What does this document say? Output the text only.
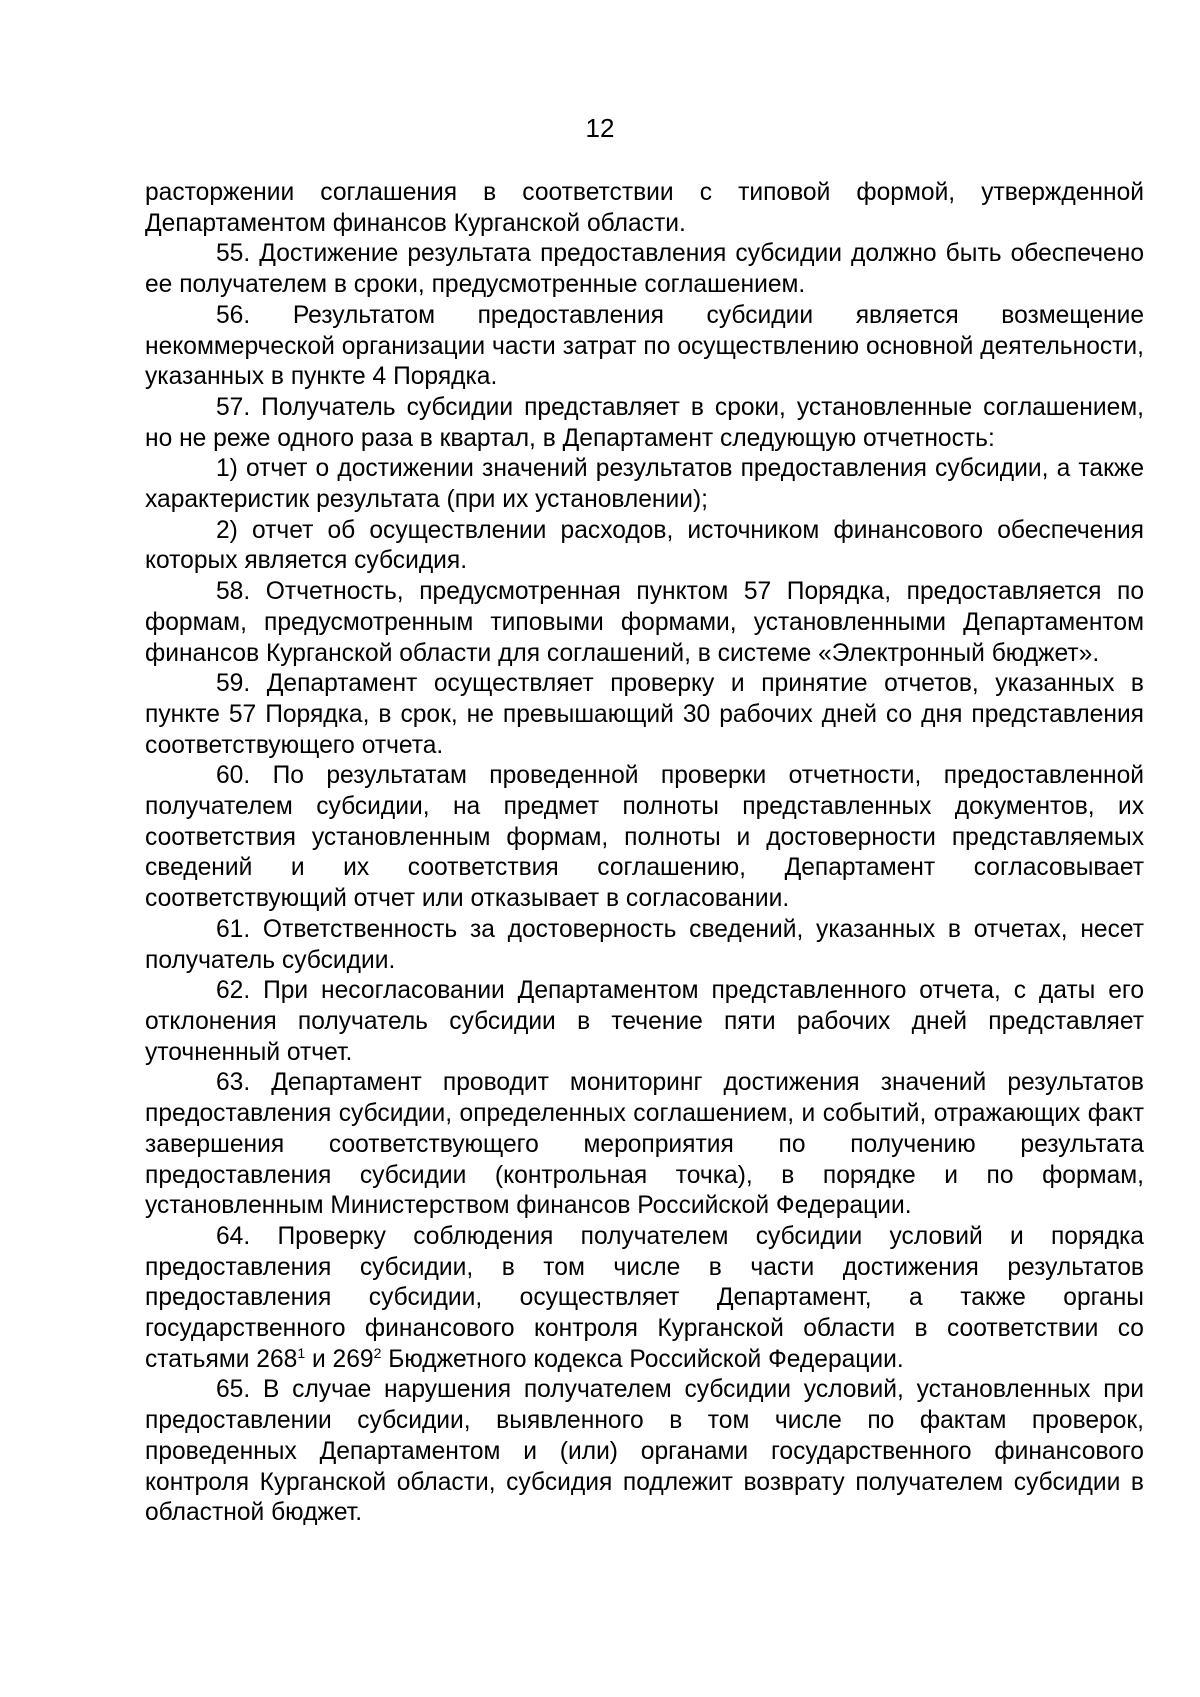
12

расторжении соглашения в соответствии с типовой формой, утвержденной Департаментом финансов Курганской области.

55. Достижение результата предоставления субсидии должно быть обеспечено ее получателем в сроки, предусмотренные соглашением.

56. Результатом предоставления субсидии является возмещение некоммерческой организации части затрат по осуществлению основной деятельности, указанных в пункте 4 Порядка.

57. Получатель субсидии представляет в сроки, установленные соглашением, но не реже одного раза в квартал, в Департамент следующую отчетность:

1) отчет о достижении значений результатов предоставления субсидии, а также характеристик результата (при их установлении);

2) отчет об осуществлении расходов, источником финансового обеспечения которых является субсидия.

58. Отчетность, предусмотренная пунктом 57 Порядка, предоставляется по формам, предусмотренным типовыми формами, установленными Департаментом финансов Курганской области для соглашений, в системе «Электронный бюджет».

59. Департамент осуществляет проверку и принятие отчетов, указанных в пункте 57 Порядка, в срок, не превышающий 30 рабочих дней со дня представления соответствующего отчета.

60. По результатам проведенной проверки отчетности, предоставленной получателем субсидии, на предмет полноты представленных документов, их соответствия установленным формам, полноты и достоверности представляемых сведений и их соответствия соглашению, Департамент согласовывает соответствующий отчет или отказывает в согласовании.

61. Ответственность за достоверность сведений, указанных в отчетах, несет получатель субсидии.

62. При несогласовании Департаментом представленного отчета, с даты его отклонения получатель субсидии в течение пяти рабочих дней представляет уточненный отчет.

63. Департамент проводит мониторинг достижения значений результатов предоставления субсидии, определенных соглашением, и событий, отражающих факт завершения соответствующего мероприятия по получению результата предоставления субсидии (контрольная точка), в порядке и по формам, установленным Министерством финансов Российской Федерации.

64. Проверку соблюдения получателем субсидии условий и порядка предоставления субсидии, в том числе в части достижения результатов предоставления субсидии, осуществляет Департамент, а также органы государственного финансового контроля Курганской области в соответствии со статьями $268^1$ и $269^2$ Бюджетного кодекса Российской Федерации.

65. В случае нарушения получателем субсидии условий, установленных при предоставлении субсидии, выявленного в том числе по фактам проверок, проведенных Департаментом и (или) органами государственного финансового контроля Курганской области, субсидия подлежит возврату получателем субсидии в областной бюджет.
